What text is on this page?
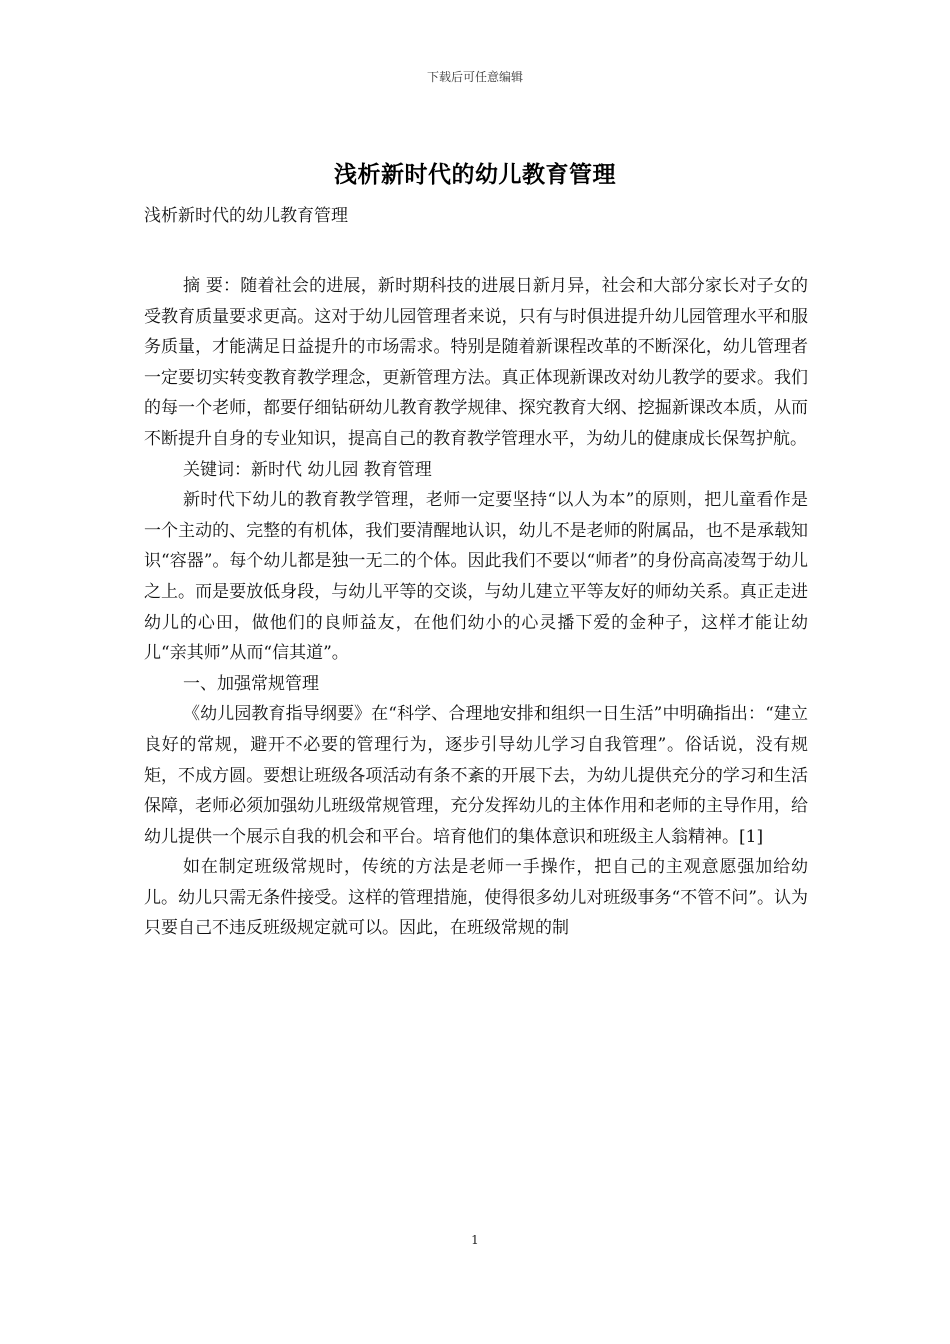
下载后可任意编辑
浅析新时代的幼儿教育管理
浅析新时代的幼儿教育管理

摘 要：随着社会的进展，新时期科技的进展日新月异，社会和大部分家长对子女的受教育质量要求更高。这对于幼儿园管理者来说，只有与时俱进提升幼儿园管理水平和服务质量，才能满足日益提升的市场需求。特别是随着新课程改革的不断深化，幼儿管理者一定要切实转变教育教学理念，更新管理方法。真正体现新课改对幼儿教学的要求。我们的每一个老师，都要仔细钻研幼儿教育教学规律、探究教育大纲、挖掘新课改本质，从而不断提升自身的专业知识，提高自己的教育教学管理水平，为幼儿的健康成长保驾护航。

关键词：新时代 幼儿园 教育管理

新时代下幼儿的教育教学管理，老师一定要坚持“以人为本”的原则，把儿童看作是一个主动的、完整的有机体，我们要清醒地认识，幼儿不是老师的附属品，也不是承载知识“容器”。每个幼儿都是独一无二的个体。因此我们不要以“师者”的身份高高凌驾于幼儿之上。而是要放低身段，与幼儿平等的交谈，与幼儿建立平等友好的师幼关系。真正走进幼儿的心田，做他们的良师益友，在他们幼小的心灵播下爱的金种子，这样才能让幼儿“亲其师”从而“信其道”。

一、加强常规管理

《幼儿园教育指导纲要》在“科学、合理地安排和组织一日生活”中明确指出：“建立良好的常规，避开不必要的管理行为，逐步引导幼儿学习自我管理”。俗话说，没有规矩，不成方圆。要想让班级各项活动有条不紊的开展下去，为幼儿提供充分的学习和生活保障，老师必须加强幼儿班级常规管理，充分发挥幼儿的主体作用和老师的主导作用，给幼儿提供一个展示自我的机会和平台。培育他们的集体意识和班级主人翁精神。[1]

如在制定班级常规时，传统的方法是老师一手操作，把自己的主观意愿强加给幼儿。幼儿只需无条件接受。这样的管理措施，使得很多幼儿对班级事务“不管不问”。认为只要自己不违反班级规定就可以。因此，在班级常规的制

1
